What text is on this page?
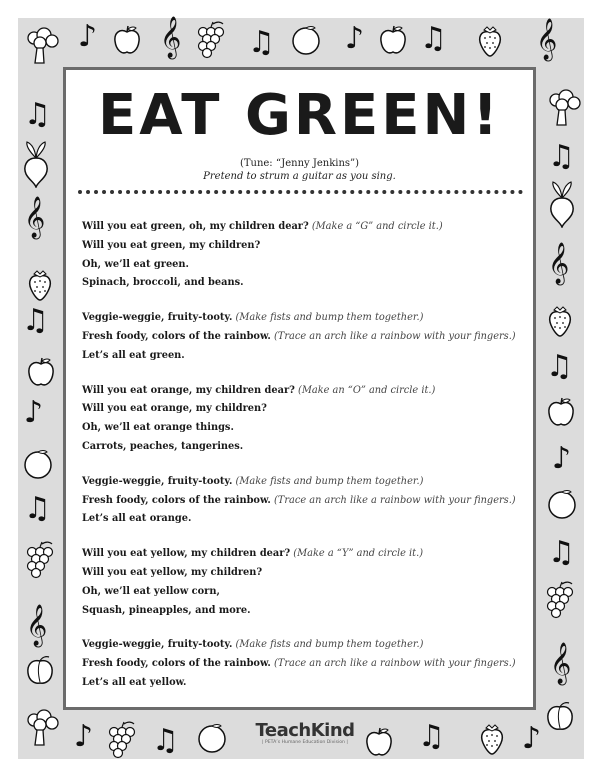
♪ 𝄞 ♫ ♪ ♫ 𝄞
♫
𝄞
♫
♪
♫
𝄞
♫
𝄞
♫
♪
♫
𝄞
♪ ♫	♫	♪
EAT GREEN!
(Tune: “Jenny Jenkins”)
Pretend to strum a guitar as you sing.
Will you eat green, oh, my children dear? (Make a “G” and circle it.)
Will you eat green, my children?
Oh, we’ll eat green.
Spinach, broccoli, and beans.
Veggie-weggie, fruity-tooty. (Make fists and bump them together.)
Fresh foody, colors of the rainbow. (Trace an arch like a rainbow with your fingers.)
Let’s all eat green.
Will you eat orange, my children dear? (Make an “O” and circle it.)
Will you eat orange, my children?
Oh, we’ll eat orange things.
Carrots, peaches, tangerines.
Veggie-weggie, fruity-tooty. (Make fists and bump them together.)
Fresh foody, colors of the rainbow. (Trace an arch like a rainbow with your fingers.)
Let’s all eat orange.
Will you eat yellow, my children dear? (Make a “Y” and circle it.)
Will you eat yellow, my children?
Oh, we’ll eat yellow corn,
Squash, pineapples, and more.
Veggie-weggie, fruity-tooty. (Make fists and bump them together.)
Fresh foody, colors of the rainbow. (Trace an arch like a rainbow with your fingers.)
Let’s all eat yellow.
TeachKind
| PETA’s Humane Education Division |
